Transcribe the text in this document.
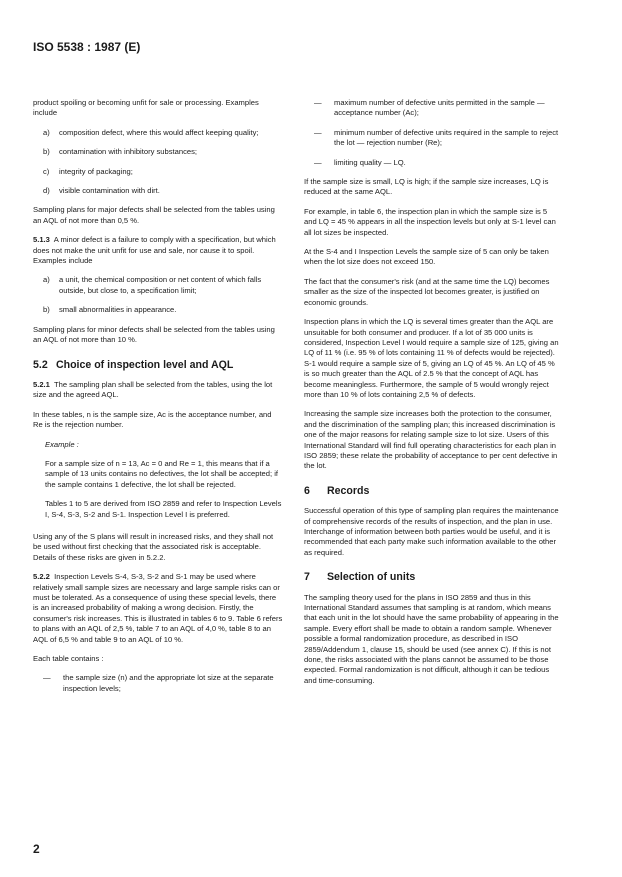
ISO 5538 : 1987 (E)

product spoiling or becoming unfit for sale or processing. Examples include

a)	composition defect, where this would affect keeping quality;
b)	contamination with inhibitory substances;
c)	integrity of packaging;
d)	visible contamination with dirt.

Sampling plans for major defects shall be selected from the tables using an AQL of not more than 0,5 %.

5.1.3 A minor defect is a failure to comply with a specification, but which does not make the unit unfit for use and sale, nor cause it to spoil. Examples include

a)	a unit, the chemical composition or net content of which falls outside, but close to, a specification limit;
b)	small abnormalities in appearance.

Sampling plans for minor defects shall be selected from the tables using an AQL of not more than 10 %.

5.2 Choice of inspection level and AQL

5.2.1 The sampling plan shall be selected from the tables, using the lot size and the agreed AQL.

In these tables, n is the sample size, Ac is the acceptance number, and Re is the rejection number.

Example :
For a sample size of n = 13, Ac = 0 and Re = 1, this means that if a sample of 13 units contains no defectives, the lot shall be accepted; if the sample contains 1 defective, the lot shall be rejected.
Tables 1 to 5 are derived from ISO 2859 and refer to Inspection Levels I, S-4, S-3, S-2 and S-1. Inspection Level I is preferred.

Using any of the S plans will result in increased risks, and they shall not be used without first checking that the associated risk is acceptable. Details of these risks are given in 5.2.2.

5.2.2 Inspection Levels S-4, S-3, S-2 and S-1 may be used where relatively small sample sizes are necessary and large sample risks can or must be tolerated. As a consequence of using these special levels, there is an increased probability of making a wrong decision. Firstly, the consumer's risk increases. This is illustrated in tables 6 to 9. Table 6 refers to plans with an AQL of 2,5 %, table 7 to an AQL of 4,0 %, table 8 to an AQL of 6,5 % and table 9 to an AQL of 10 %.

Each table contains :

—	the sample size (n) and the appropriate lot size at the separate inspection levels;
—	maximum number of defective units permitted in the sample — acceptance number (Ac);
—	minimum number of defective units required in the sample to reject the lot — rejection number (Re);
—	limiting quality — LQ.

If the sample size is small, LQ is high; if the sample size increases, LQ is reduced at the same AQL.

For example, in table 6, the inspection plan in which the sample size is 5 and LQ = 45 % appears in all the inspection levels but only at S-1 level can all lot sizes be inspected.

At the S-4 and I Inspection Levels the sample size of 5 can only be taken when the lot size does not exceed 150.

The fact that the consumer's risk (and at the same time the LQ) becomes smaller as the size of the inspected lot becomes greater, is justified on economic grounds.

Inspection plans in which the LQ is several times greater than the AQL are unsuitable for both consumer and producer. If a lot of 35 000 units is considered, Inspection Level I would require a sample size of 125, giving an LQ of 11 % (i.e. 95 % of lots containing 11 % of defects would be rejected). S-1 would require a sample size of 5, giving an LQ of 45 %. An LQ of 45 % is so much greater than the AQL of 2.5 % that the concept of AQL has become meaningless. Furthermore, the sample of 5 would wrongly reject more than 10 % of lots containing 2,5 % of defects.

Increasing the sample size increases both the protection to the consumer, and the discrimination of the sampling plan; this increased discrimination is one of the major reasons for relating sample size to lot size. Users of this International Standard will find full operating characteristics for each plan in ISO 2859; these relate the probability of acceptance to per cent defective in the lot.

6 Records

Successful operation of this type of sampling plan requires the maintenance of comprehensive records of the results of inspection, and the plan in use. Interchange of information between both parties would be useful, and it is recommended that each party make such information available to the other as required.

7 Selection of units

The sampling theory used for the plans in ISO 2859 and thus in this International Standard assumes that sampling is at random, which means that each unit in the lot should have the same probability of appearing in the sample. Every effort shall be made to obtain a random sample. Whenever possible a formal randomization procedure, as described in ISO 2859/Addendum 1, clause 15, should be used (see annex C). If this is not done, the risks associated with the plans cannot be assumed to be those expected. Formal randomization is not difficult, although it can be tedious and time-consuming.

2
